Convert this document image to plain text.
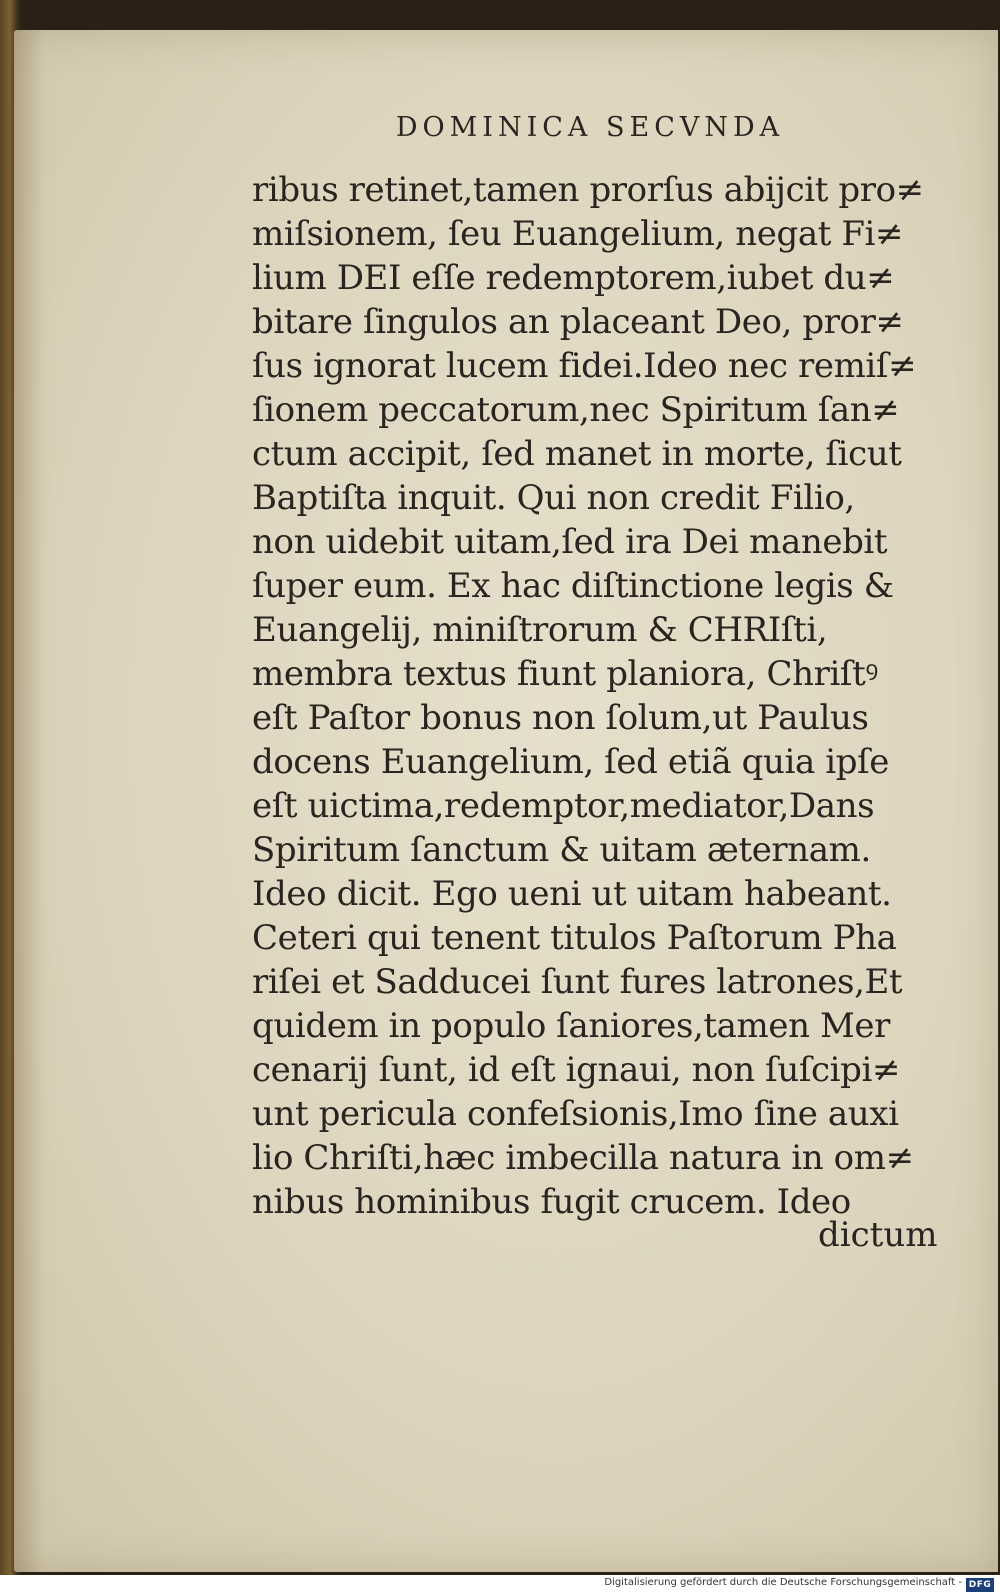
DOMINICA SECVNDA
ribus retinet,tamen prorſus abijcit pro≠
miſsionem, ſeu Euangelium, negat Fi≠
lium DEI eſſe redemptorem,iubet du≠
bitare ſingulos an placeant Deo, pror≠
ſus ignorat lucem fidei.Ideo nec remiſ≠
ſionem peccatorum,nec Spiritum ſan≠
ctum accipit, ſed manet in morte, ſicut
Baptiſta inquit. Qui non credit Filio,
non uidebit uitam,ſed ira Dei manebit
ſuper eum. Ex hac diſtinctione legis &
Euangelij, miniſtrorum & CHRIſti,
membra textus fiunt planiora, Chriſtꝰ
eſt Paſtor bonus non ſolum,ut Paulus
docens Euangelium, ſed etiã quia ipſe
eſt uictima,redemptor,mediator,Dans
Spiritum ſanctum & uitam æternam.
Ideo dicit. Ego ueni ut uitam habeant.
Ceteri qui tenent titulos Paſtorum Pha
riſei et Sadducei ſunt fures latrones,Et
quidem in populo ſaniores,tamen Mer
cenarij ſunt, id eſt ignaui, non ſuſcipi≠
unt pericula confeſsionis,Imo ſine auxi
lio Chriſti,hæc imbecilla natura in om≠
nibus hominibus fugit crucem. Ideo
dictum
Digitalisierung gefördert durch die Deutsche Forschungsgemeinschaft - DFG
